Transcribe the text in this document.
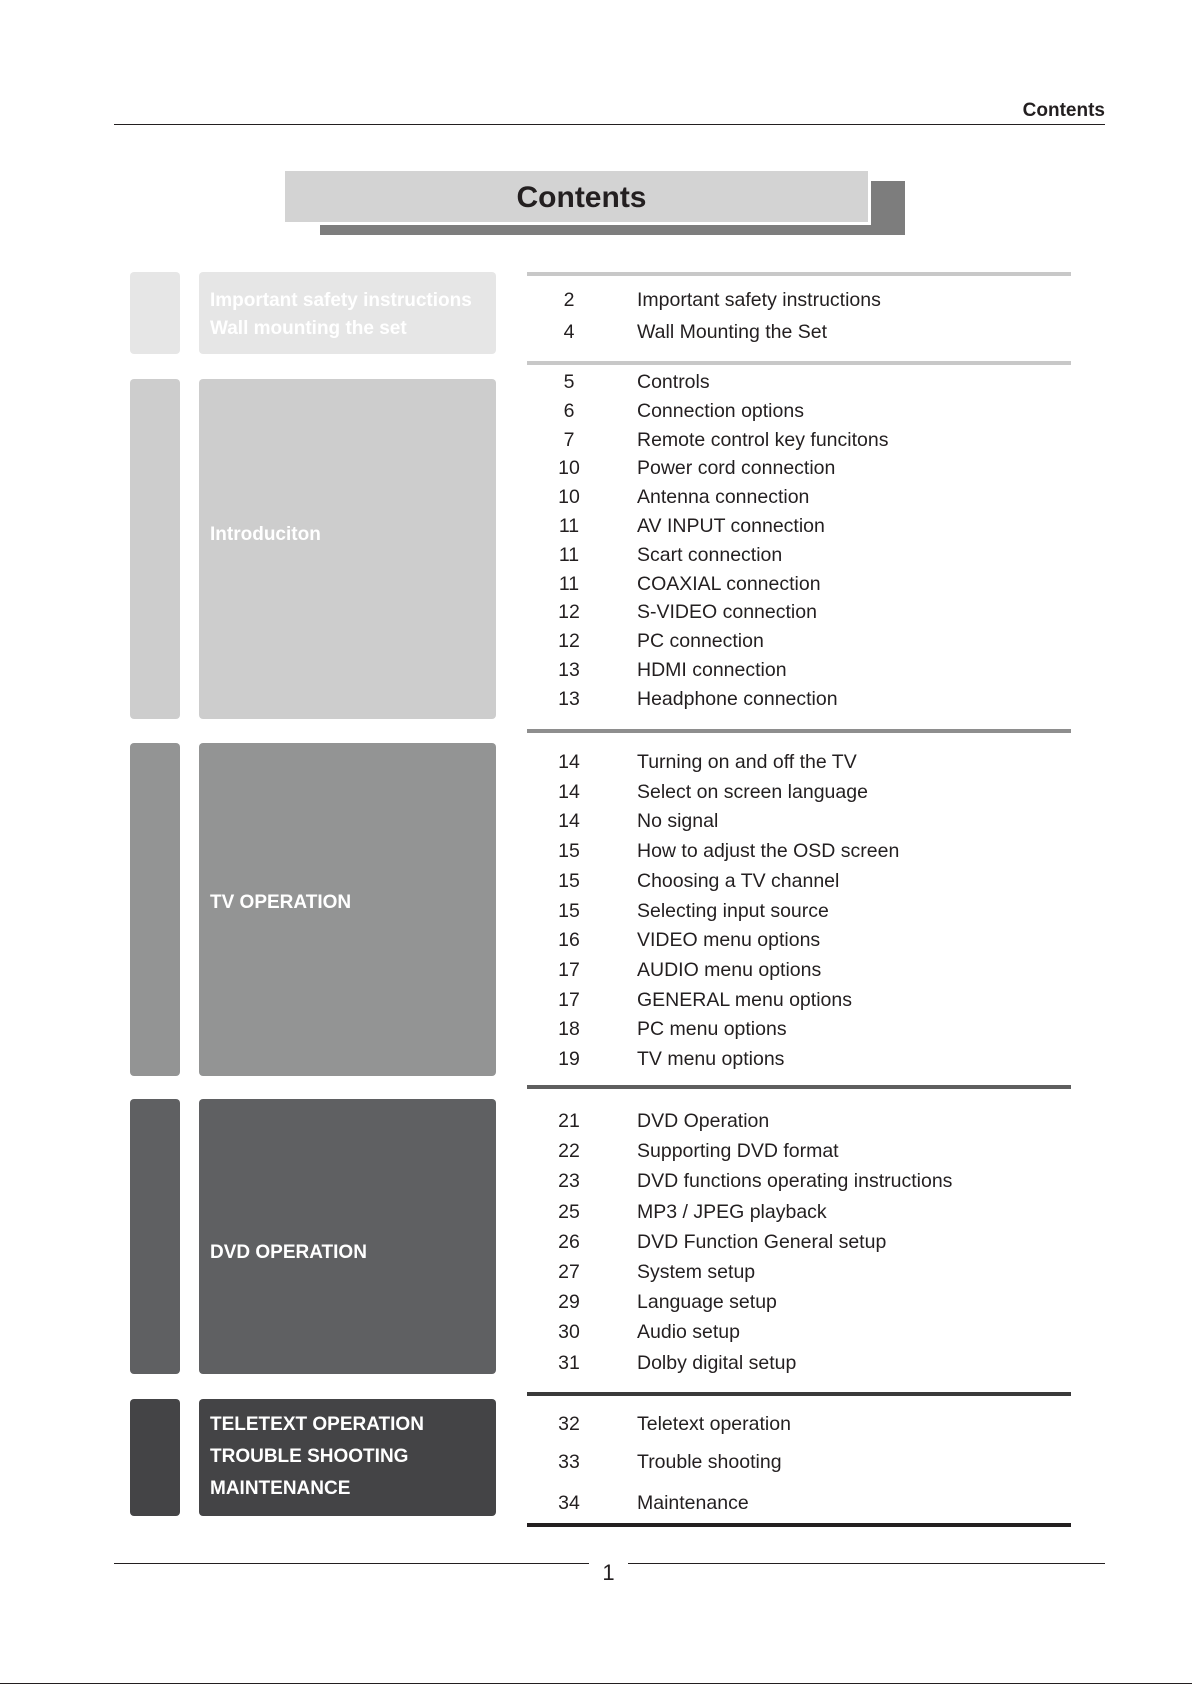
Contents
Contents
Important safety instructions
Wall mounting the set
2	Important safety instructions
4	Wall Mounting the Set
Introduciton
5	Controls
6	Connection options
7	Remote control key funcitons
10	Power cord connection
10	Antenna connection
11	AV INPUT connection
11	Scart connection
11	COAXIAL connection
12	S-VIDEO connection
12	PC connection
13	HDMI connection
13	Headphone connection
TV OPERATION
14	Turning on and off the TV
14	Select on screen language
14	No signal
15	How to adjust the OSD screen
15	Choosing a TV channel
15	Selecting input source
16	VIDEO menu options
17	AUDIO menu options
17	GENERAL menu options
18	PC menu options
19	TV menu options
DVD OPERATION
21	DVD Operation
22	Supporting DVD format
23	DVD functions operating instructions
25	MP3 / JPEG playback
26	DVD Function General setup
27	System setup
29	Language setup
30	Audio setup
31	Dolby digital setup
TELETEXT OPERATION
TROUBLE SHOOTING
MAINTENANCE
32	Teletext operation
33	Trouble shooting
34	Maintenance
1
